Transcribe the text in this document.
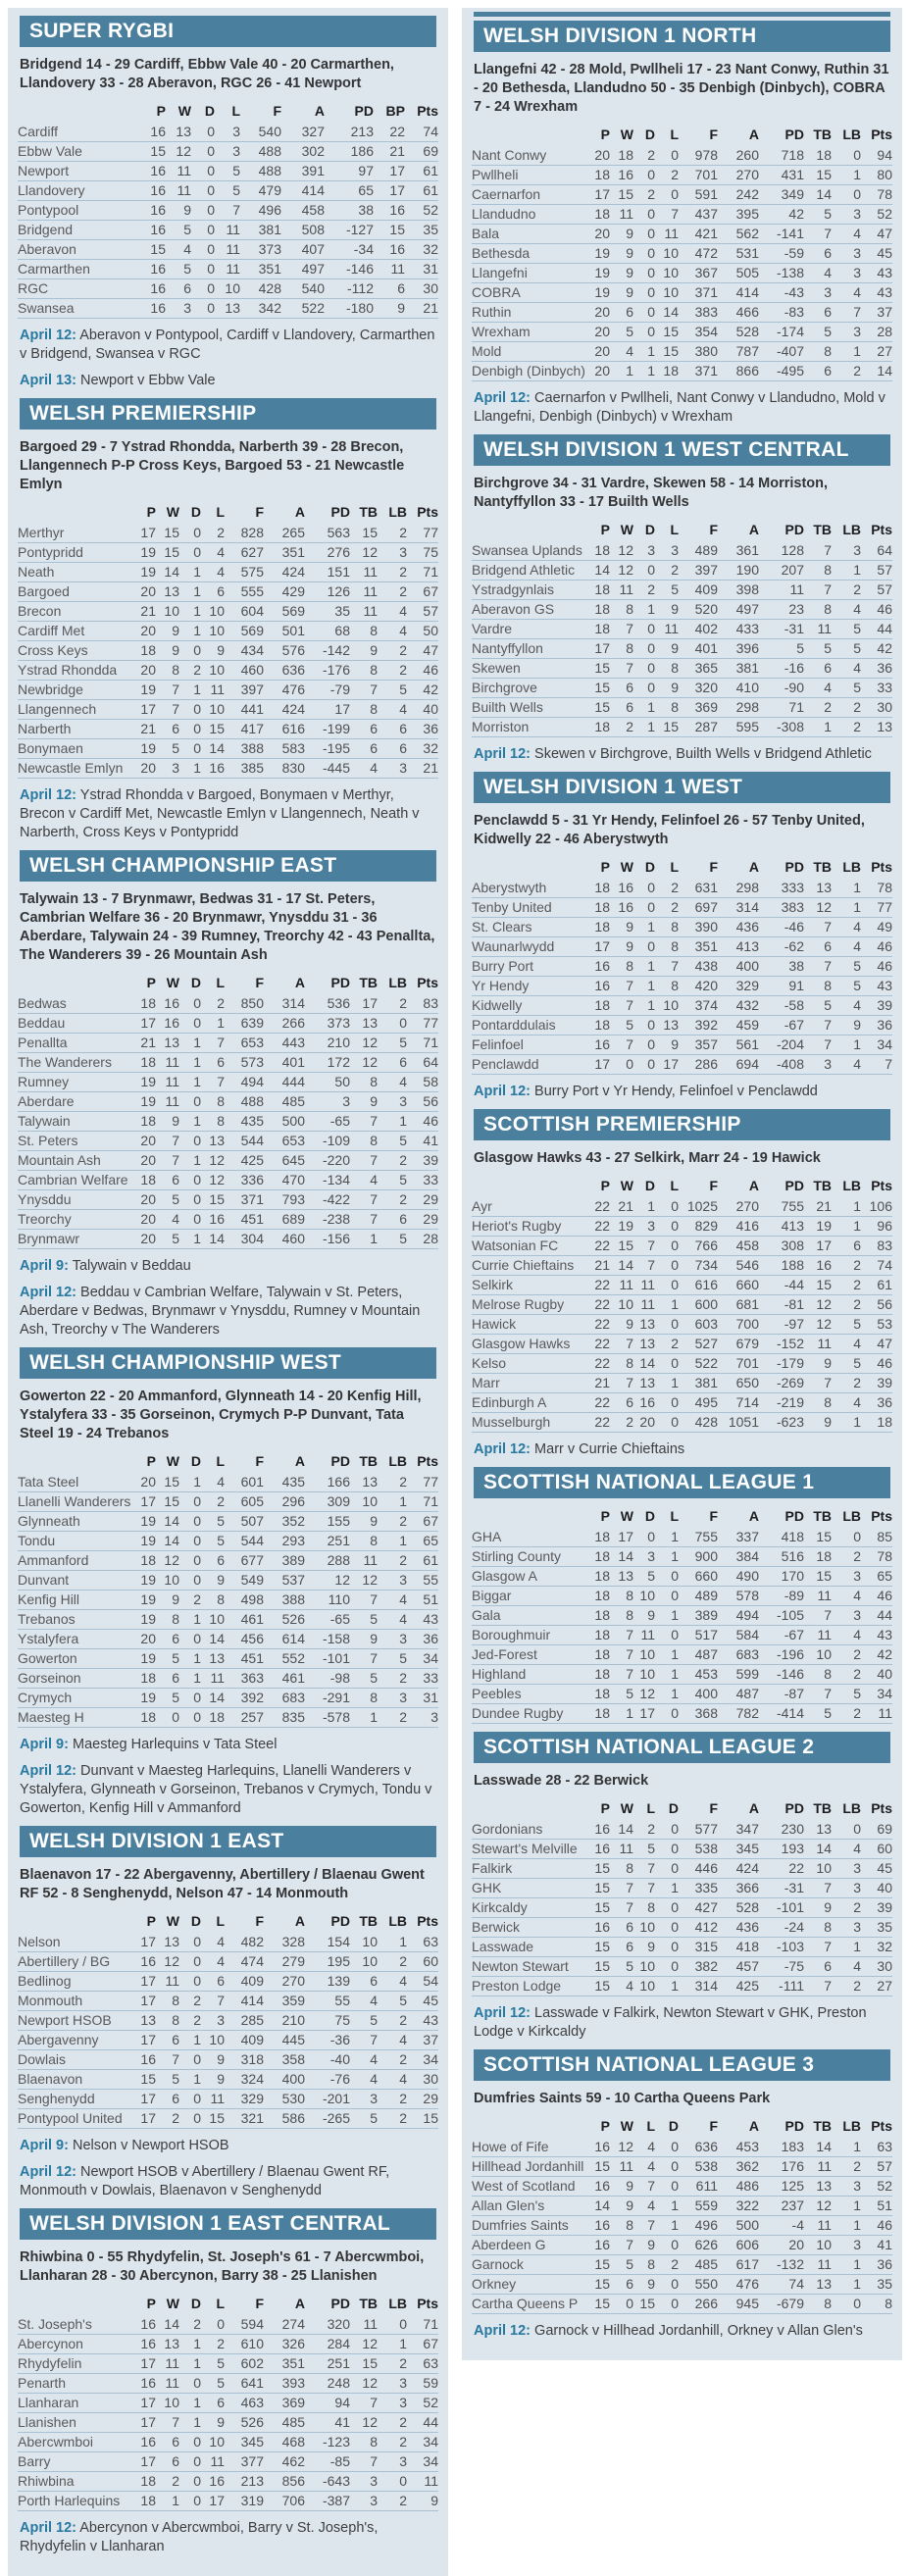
SUPER RYGBI

Bridgend 14 - 29 Cardiff, Ebbw Vale 40 - 20 Carmarthen, Llandovery 33 - 28 Aberavon, RGC 26 - 41 Newport

	P	W	D	L	F	A	PD	BP	Pts
Cardiff	16	13	0	3	540	327	213	22	74
Ebbw Vale	15	12	0	3	488	302	186	21	69
Newport	16	11	0	5	488	391	97	17	61
Llandovery	16	11	0	5	479	414	65	17	61
Pontypool	16	9	0	7	496	458	38	16	52
Bridgend	16	5	0	11	381	508	-127	15	35
Aberavon	15	4	0	11	373	407	-34	16	32
Carmarthen	16	5	0	11	351	497	-146	11	31
RGC	16	6	0	10	428	540	-112	6	30
Swansea	16	3	0	13	342	522	-180	9	21

April 12: Aberavon v Pontypool, Cardiff v Llandovery, Carmarthen v Bridgend, Swansea v RGC

April 13: Newport v Ebbw Vale

WELSH PREMIERSHIP

Bargoed 29 - 7 Ystrad Rhondda, Narberth 39 - 28 Brecon, Llangennech P-P Cross Keys, Bargoed 53 - 21 Newcastle Emlyn

	P	W	D	L	F	A	PD	TB	LB	Pts
Merthyr	17	15	0	2	828	265	563	15	2	77
Pontypridd	19	15	0	4	627	351	276	12	3	75
Neath	19	14	1	4	575	424	151	11	2	71
Bargoed	20	13	1	6	555	429	126	11	2	67
Brecon	21	10	1	10	604	569	35	11	4	57
Cardiff Met	20	9	1	10	569	501	68	8	4	50
Cross Keys	18	9	0	9	434	576	-142	9	2	47
Ystrad Rhondda	20	8	2	10	460	636	-176	8	2	46
Newbridge	19	7	1	11	397	476	-79	7	5	42
Llangennech	17	7	0	10	441	424	17	8	4	40
Narberth	21	6	0	15	417	616	-199	6	6	36
Bonymaen	19	5	0	14	388	583	-195	6	6	32
Newcastle Emlyn	20	3	1	16	385	830	-445	4	3	21

April 12: Ystrad Rhondda v Bargoed, Bonymaen v Merthyr, Brecon v Cardiff Met, Newcastle Emlyn v Llangennech, Neath v Narberth, Cross Keys v Pontypridd

WELSH CHAMPIONSHIP EAST

Talywain 13 - 7 Brynmawr, Bedwas 31 - 17 St. Peters, Cambrian Welfare 36 - 20 Brynmawr, Ynysddu 31 - 36 Aberdare, Talywain 24 - 39 Rumney, Treorchy 42 - 43 Penallta, The Wanderers 39 - 26 Mountain Ash

	P	W	D	L	F	A	PD	TB	LB	Pts
Bedwas	18	16	0	2	850	314	536	17	2	83
Beddau	17	16	0	1	639	266	373	13	0	77
Penallta	21	13	1	7	653	443	210	12	5	71
The Wanderers	18	11	1	6	573	401	172	12	6	64
Rumney	19	11	1	7	494	444	50	8	4	58
Aberdare	19	11	0	8	488	485	3	9	3	56
Talywain	18	9	1	8	435	500	-65	7	1	46
St. Peters	20	7	0	13	544	653	-109	8	5	41
Mountain Ash	20	7	1	12	425	645	-220	7	2	39
Cambrian Welfare	18	6	0	12	336	470	-134	4	5	33
Ynysddu	20	5	0	15	371	793	-422	7	2	29
Treorchy	20	4	0	16	451	689	-238	7	6	29
Brynmawr	20	5	1	14	304	460	-156	1	5	28

April 9: Talywain v Beddau

April 12: Beddau v Cambrian Welfare, Talywain v St. Peters, Aberdare v Bedwas, Brynmawr v Ynysddu, Rumney v Mountain Ash, Treorchy v The Wanderers

WELSH CHAMPIONSHIP WEST

Gowerton 22 - 20 Ammanford, Glynneath 14 - 20 Kenfig Hill, Ystalyfera 33 - 35 Gorseinon, Crymych P-P Dunvant, Tata Steel 19 - 24 Trebanos

	P	W	D	L	F	A	PD	TB	LB	Pts
Tata Steel	20	15	1	4	601	435	166	13	2	77
Llanelli Wanderers	17	15	0	2	605	296	309	10	1	71
Glynneath	19	14	0	5	507	352	155	9	2	67
Tondu	19	14	0	5	544	293	251	8	1	65
Ammanford	18	12	0	6	677	389	288	11	2	61
Dunvant	19	10	0	9	549	537	12	12	3	55
Kenfig Hill	19	9	2	8	498	388	110	7	4	51
Trebanos	19	8	1	10	461	526	-65	5	4	43
Ystalyfera	20	6	0	14	456	614	-158	9	3	36
Gowerton	19	5	1	13	451	552	-101	7	5	34
Gorseinon	18	6	1	11	363	461	-98	5	2	33
Crymych	19	5	0	14	392	683	-291	8	3	31
Maesteg H	18	0	0	18	257	835	-578	1	2	3

April 9: Maesteg Harlequins v Tata Steel

April 12: Dunvant v Maesteg Harlequins, Llanelli Wanderers v Ystalyfera, Glynneath v Gorseinon, Trebanos v Crymych, Tondu v Gowerton, Kenfig Hill v Ammanford

WELSH DIVISION 1 EAST

Blaenavon 17 - 22 Abergavenny, Abertillery / Blaenau Gwent RF 52 - 8 Senghenydd, Nelson 47 - 14 Monmouth

	P	W	D	L	F	A	PD	TB	LB	Pts
Nelson	17	13	0	4	482	328	154	10	1	63
Abertillery / BG	16	12	0	4	474	279	195	10	2	60
Bedlinog	17	11	0	6	409	270	139	6	4	54
Monmouth	17	8	2	7	414	359	55	4	5	45
Newport HSOB	13	8	2	3	285	210	75	5	2	43
Abergavenny	17	6	1	10	409	445	-36	7	4	37
Dowlais	16	7	0	9	318	358	-40	4	2	34
Blaenavon	15	5	1	9	324	400	-76	4	4	30
Senghenydd	17	6	0	11	329	530	-201	3	2	29
Pontypool United	17	2	0	15	321	586	-265	5	2	15

April 9: Nelson v Newport HSOB

April 12: Newport HSOB v Abertillery / Blaenau Gwent RF, Monmouth v Dowlais, Blaenavon v Senghenydd

WELSH DIVISION 1 EAST CENTRAL

Rhiwbina 0 - 55 Rhydyfelin, St. Joseph's 61 - 7 Abercwmboi, Llanharan 28 - 30 Abercynon, Barry 38 - 25 Llanishen

	P	W	D	L	F	A	PD	TB	LB	Pts
St. Joseph's	16	14	2	0	594	274	320	11	0	71
Abercynon	16	13	1	2	610	326	284	12	1	67
Rhydyfelin	17	11	1	5	602	351	251	15	2	63
Penarth	16	11	0	5	641	393	248	12	3	59
Llanharan	17	10	1	6	463	369	94	7	3	52
Llanishen	17	7	1	9	526	485	41	12	2	44
Abercwmboi	16	6	0	10	345	468	-123	8	2	34
Barry	17	6	0	11	377	462	-85	7	3	34
Rhiwbina	18	2	0	16	213	856	-643	3	0	11
Porth Harlequins	18	1	0	17	319	706	-387	3	2	9

April 12: Abercynon v Abercwmboi, Barry v St. Joseph's, Rhydyfelin v Llanharan

WELSH DIVISION 1 NORTH

Llangefni 42 - 28 Mold, Pwllheli 17 - 23 Nant Conwy, Ruthin 31 - 20 Bethesda, Llandudno 50 - 35 Denbigh (Dinbych), COBRA 7 - 24 Wrexham

	P	W	D	L	F	A	PD	TB	LB	Pts
Nant Conwy	20	18	2	0	978	260	718	18	0	94
Pwllheli	18	16	0	2	701	270	431	15	1	80
Caernarfon	17	15	2	0	591	242	349	14	0	78
Llandudno	18	11	0	7	437	395	42	5	3	52
Bala	20	9	0	11	421	562	-141	7	4	47
Bethesda	19	9	0	10	472	531	-59	6	3	45
Llangefni	19	9	0	10	367	505	-138	4	3	43
COBRA	19	9	0	10	371	414	-43	3	4	43
Ruthin	20	6	0	14	383	466	-83	6	7	37
Wrexham	20	5	0	15	354	528	-174	5	3	28
Mold	20	4	1	15	380	787	-407	8	1	27
Denbigh (Dinbych)	20	1	1	18	371	866	-495	6	2	14

April 12: Caernarfon v Pwllheli, Nant Conwy v Llandudno, Mold v Llangefni, Denbigh (Dinbych) v Wrexham

WELSH DIVISION 1 WEST CENTRAL

Birchgrove 34 - 31 Vardre, Skewen 58 - 14 Morriston, Nantyffyllon 33 - 17 Builth Wells

	P	W	D	L	F	A	PD	TB	LB	Pts
Swansea Uplands	18	12	3	3	489	361	128	7	3	64
Bridgend Athletic	14	12	0	2	397	190	207	8	1	57
Ystradgynlais	18	11	2	5	409	398	11	7	2	57
Aberavon GS	18	8	1	9	520	497	23	8	4	46
Vardre	18	7	0	11	402	433	-31	11	5	44
Nantyffyllon	17	8	0	9	401	396	5	5	5	42
Skewen	15	7	0	8	365	381	-16	6	4	36
Birchgrove	15	6	0	9	320	410	-90	4	5	33
Builth Wells	15	6	1	8	369	298	71	2	2	30
Morriston	18	2	1	15	287	595	-308	1	2	13

April 12: Skewen v Birchgrove, Builth Wells v Bridgend Athletic

WELSH DIVISION 1 WEST

Penclawdd 5 - 31 Yr Hendy, Felinfoel 26 - 57 Tenby United, Kidwelly 22 - 46 Aberystwyth

	P	W	D	L	F	A	PD	TB	LB	Pts
Aberystwyth	18	16	0	2	631	298	333	13	1	78
Tenby United	18	16	0	2	697	314	383	12	1	77
St. Clears	18	9	1	8	390	436	-46	7	4	49
Waunarlwydd	17	9	0	8	351	413	-62	6	4	46
Burry Port	16	8	1	7	438	400	38	7	5	46
Yr Hendy	16	7	1	8	420	329	91	8	5	43
Kidwelly	18	7	1	10	374	432	-58	5	4	39
Pontarddulais	18	5	0	13	392	459	-67	7	9	36
Felinfoel	16	7	0	9	357	561	-204	7	1	34
Penclawdd	17	0	0	17	286	694	-408	3	4	7

April 12: Burry Port v Yr Hendy, Felinfoel v Penclawdd

SCOTTISH PREMIERSHIP

Glasgow Hawks 43 - 27 Selkirk, Marr 24 - 19 Hawick

	P	W	D	L	F	A	PD	TB	LB	Pts
Ayr	22	21	1	0	1025	270	755	21	1	106
Heriot's Rugby	22	19	3	0	829	416	413	19	1	96
Watsonian FC	22	15	7	0	766	458	308	17	6	83
Currie Chieftains	21	14	7	0	734	546	188	16	2	74
Selkirk	22	11	11	0	616	660	-44	15	2	61
Melrose Rugby	22	10	11	1	600	681	-81	12	2	56
Hawick	22	9	13	0	603	700	-97	12	5	53
Glasgow Hawks	22	7	13	2	527	679	-152	11	4	47
Kelso	22	8	14	0	522	701	-179	9	5	46
Marr	21	7	13	1	381	650	-269	7	2	39
Edinburgh A	22	6	16	0	495	714	-219	8	4	36
Musselburgh	22	2	20	0	428	1051	-623	9	1	18

April 12: Marr v Currie Chieftains

SCOTTISH NATIONAL LEAGUE 1
	P	W	D	L	F	A	PD	TB	LB	Pts
GHA	18	17	0	1	755	337	418	15	0	85
Stirling County	18	14	3	1	900	384	516	18	2	78
Glasgow A	18	13	5	0	660	490	170	15	3	65
Biggar	18	8	10	0	489	578	-89	11	4	46
Gala	18	8	9	1	389	494	-105	7	3	44
Boroughmuir	18	7	11	0	517	584	-67	11	4	43
Jed-Forest	18	7	10	1	487	683	-196	10	2	42
Highland	18	7	10	1	453	599	-146	8	2	40
Peebles	18	5	12	1	400	487	-87	7	5	34
Dundee Rugby	18	1	17	0	368	782	-414	5	2	11
SCOTTISH NATIONAL LEAGUE 2

Lasswade 28 - 22 Berwick

	P	W	L	D	F	A	PD	TB	LB	Pts
Gordonians	16	14	2	0	577	347	230	13	0	69
Stewart's Melville	16	11	5	0	538	345	193	14	4	60
Falkirk	15	8	7	0	446	424	22	10	3	45
GHK	15	7	7	1	335	366	-31	7	3	40
Kirkcaldy	15	7	8	0	427	528	-101	9	2	39
Berwick	16	6	10	0	412	436	-24	8	3	35
Lasswade	15	6	9	0	315	418	-103	7	1	32
Newton Stewart	15	5	10	0	382	457	-75	6	4	30
Preston Lodge	15	4	10	1	314	425	-111	7	2	27

April 12: Lasswade v Falkirk, Newton Stewart v GHK, Preston Lodge v Kirkcaldy

SCOTTISH NATIONAL LEAGUE 3

Dumfries Saints 59 - 10 Cartha Queens Park

	P	W	L	D	F	A	PD	TB	LB	Pts
Howe of Fife	16	12	4	0	636	453	183	14	1	63
Hillhead Jordanhill	15	11	4	0	538	362	176	11	2	57
West of Scotland	16	9	7	0	611	486	125	13	3	52
Allan Glen's	14	9	4	1	559	322	237	12	1	51
Dumfries Saints	16	8	7	1	496	500	-4	11	1	46
Aberdeen G	16	7	9	0	626	606	20	10	3	41
Garnock	15	5	8	2	485	617	-132	11	1	36
Orkney	15	6	9	0	550	476	74	13	1	35
Cartha Queens P	15	0	15	0	266	945	-679	8	0	8

April 12: Garnock v Hillhead Jordanhill, Orkney v Allan Glen's
